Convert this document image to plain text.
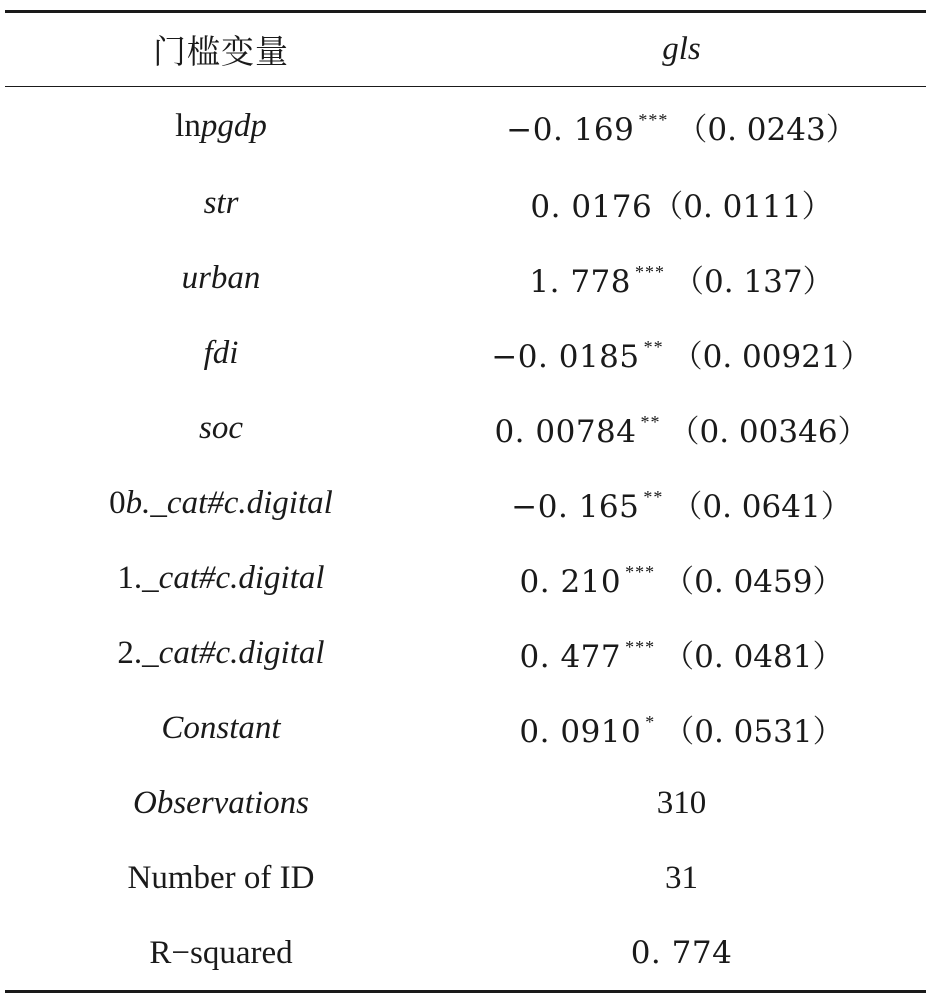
门槛变量	gls
lnpgdp	−0. 169 *** （0. 0243）
str	0. 0176（0. 0111）
urban	1. 778 *** （0. 137）
fdi	−0. 0185 ** （0. 00921）
soc	0. 00784 ** （0. 00346）
0b._cat#c.digital	−0. 165 ** （0. 0641）
1._cat#c.digital	0. 210 *** （0. 0459）
2._cat#c.digital	0. 477 *** （0. 0481）
Constant	0. 0910 * （0. 0531）
Observations	310
Number of ID	31
R−squared	0. 774
